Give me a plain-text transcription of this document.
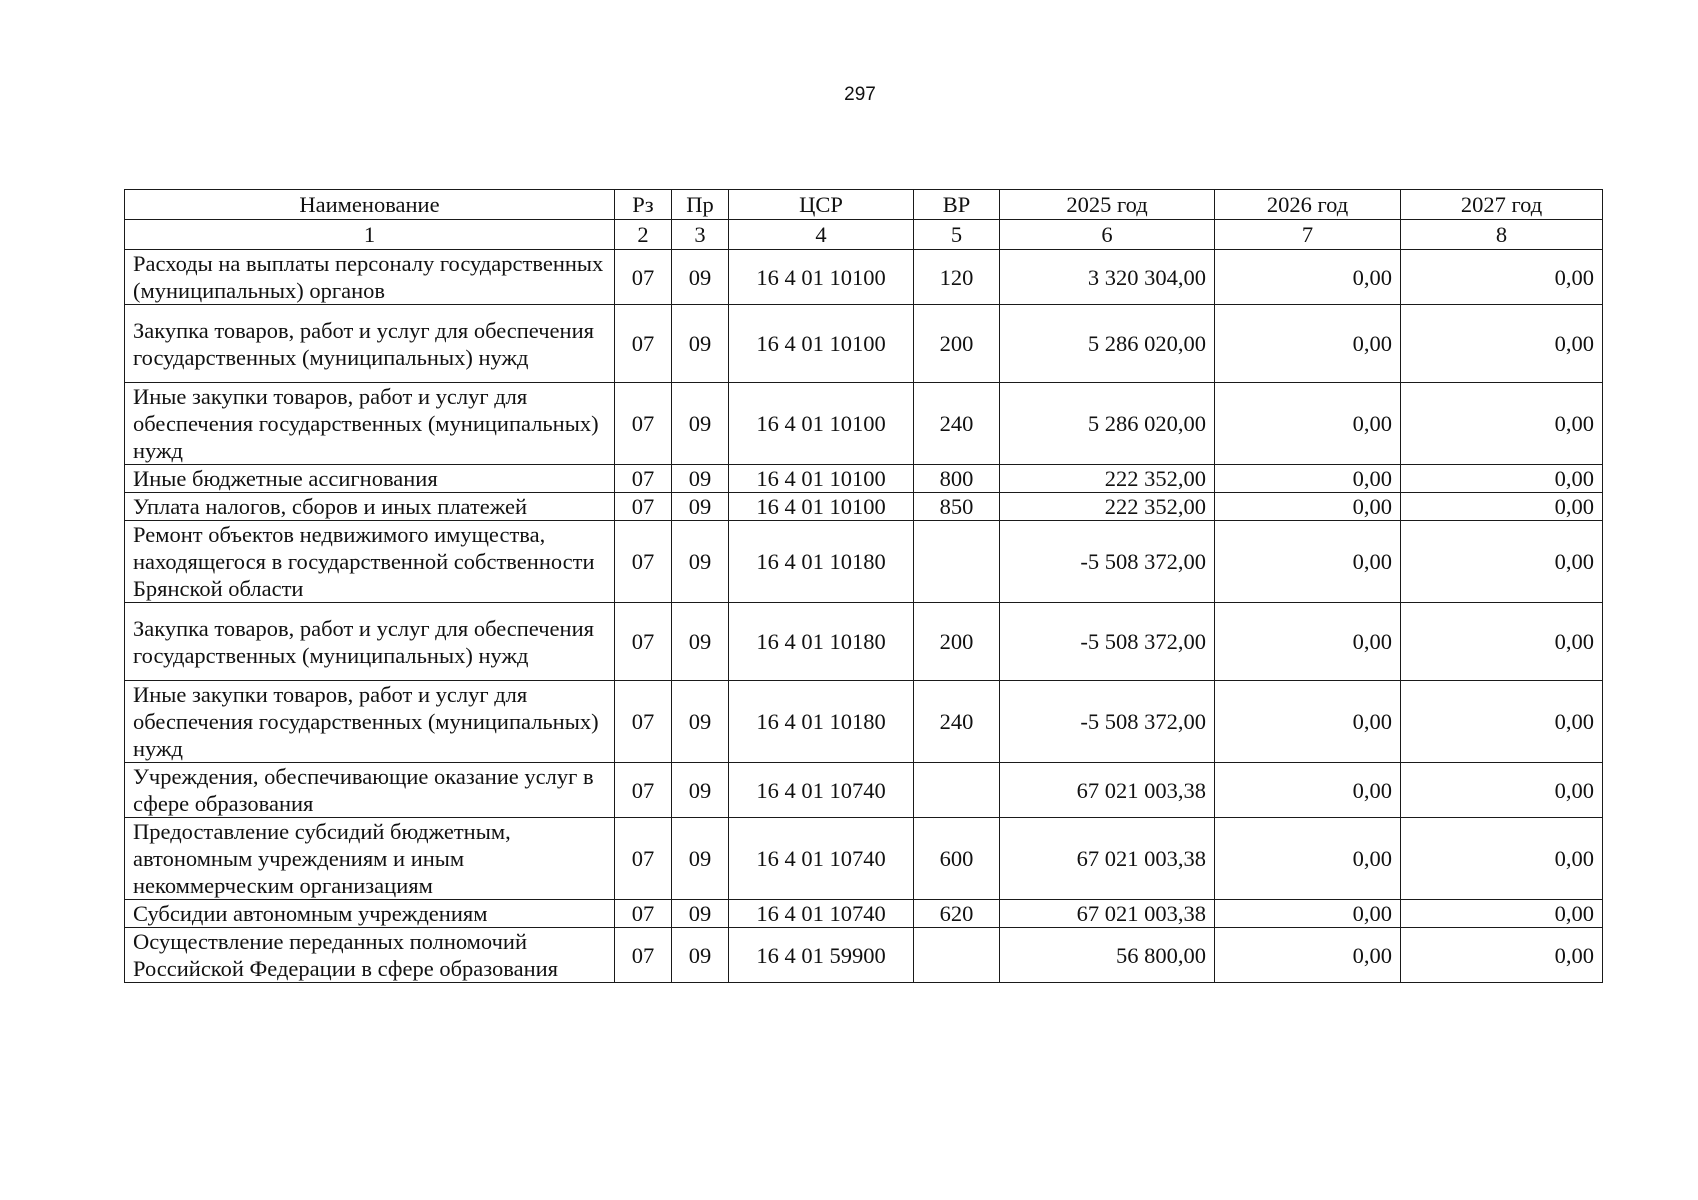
297
Наименование	Рз	Пр	ЦСР	ВР	2025 год	2026 год	2027 год
1	2	3	4	5	6	7	8
Расходы на выплаты персоналу государственных (муниципальных) органов	07	09	16 4 01 10100	120	3 320 304,00	0,00	0,00
Закупка товаров, работ и услуг для обеспечения государственных (муниципальных) нужд	07	09	16 4 01 10100	200	5 286 020,00	0,00	0,00
Иные закупки товаров, работ и услуг для обеспечения государственных (муниципальных) нужд	07	09	16 4 01 10100	240	5 286 020,00	0,00	0,00
Иные бюджетные ассигнования	07	09	16 4 01 10100	800	222 352,00	0,00	0,00
Уплата налогов, сборов и иных платежей	07	09	16 4 01 10100	850	222 352,00	0,00	0,00
Ремонт объектов недвижимого имущества, находящегося в государственной собственности Брянской области	07	09	16 4 01 10180		-5 508 372,00	0,00	0,00
Закупка товаров, работ и услуг для обеспечения государственных (муниципальных) нужд	07	09	16 4 01 10180	200	-5 508 372,00	0,00	0,00
Иные закупки товаров, работ и услуг для обеспечения государственных (муниципальных) нужд	07	09	16 4 01 10180	240	-5 508 372,00	0,00	0,00
Учреждения, обеспечивающие оказание услуг в сфере образования	07	09	16 4 01 10740		67 021 003,38	0,00	0,00
Предоставление субсидий бюджетным, автономным учреждениям и иным некоммерческим организациям	07	09	16 4 01 10740	600	67 021 003,38	0,00	0,00
Субсидии автономным учреждениям	07	09	16 4 01 10740	620	67 021 003,38	0,00	0,00
Осуществление переданных полномочий Российской Федерации в сфере образования	07	09	16 4 01 59900		56 800,00	0,00	0,00
